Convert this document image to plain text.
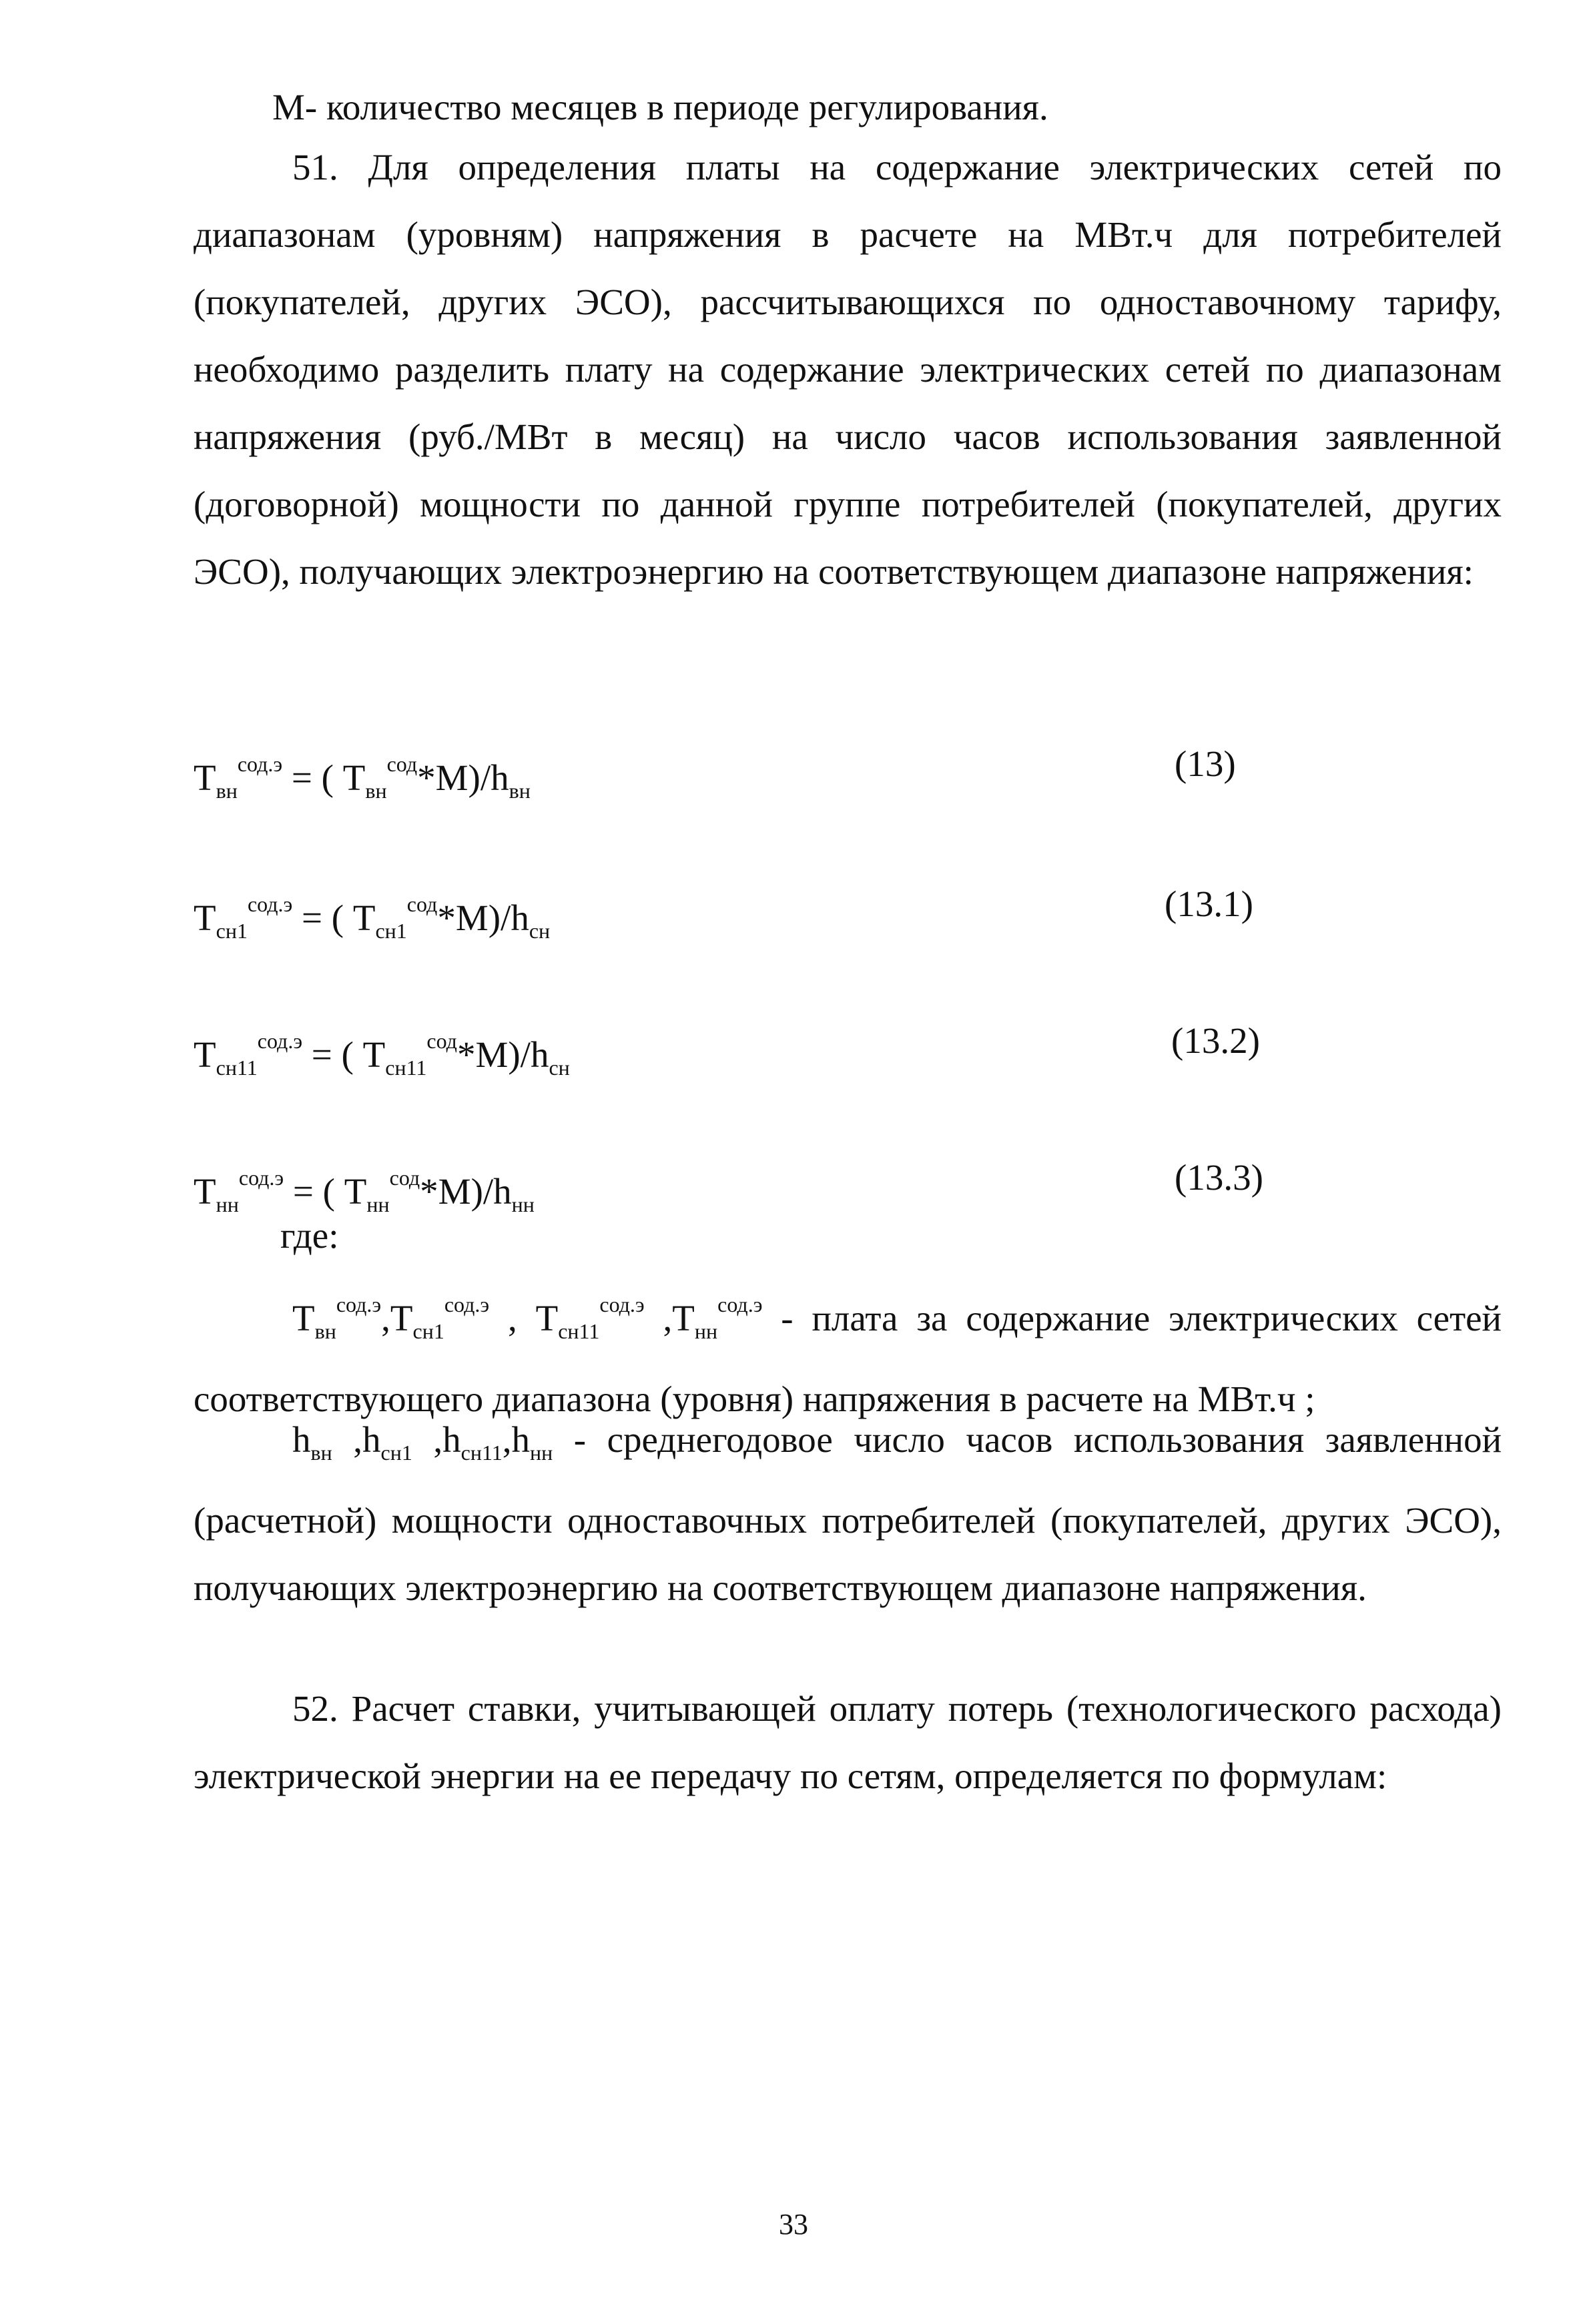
М- количество месяцев в периоде регулирования.

51. Для определения платы на содержание электрических сетей по диапазонам (уровням) напряжения в расчете на МВт.ч для потребителей (покупателей, других ЭСО), рассчитывающихся по одноставочному тарифу, необходимо разделить плату на содержание электрических сетей по диапазонам напряжения (руб./МВт в месяц) на число часов использования заявленной (договорной) мощности по данной группе потребителей (покупателей, других ЭСО), получающих электроэнергию на соответствующем диапазоне напряжения:

$Т_{вн}^{сод.э}$ = ( $Т_{вн}^{сод}*М)/h_{вн}$
(13)
$Т_{сн1}^{сод.э}$ = ( $Т_{сн1}^{сод}*М)/h_{сн}$
(13.1)
$Т_{сн11}^{сод.э}$ = ( $Т_{сн11}^{сод}*М)/h_{сн}$
(13.2)
$Т_{нн}^{сод.э}$ = ( $Т_{нн}^{сод}*М)/h_{нн}$
(13.3)
где:

$Т_{вн}^{сод.э},Т_{сн1}^{сод.э}$ , $Т_{сн11}^{сод.э}$ $,Т_{нн}^{сод.э}$ - плата за содержание электрических сетей соответствующего диапазона (уровня) напряжения в расчете на МВт.ч ;

$h_{вн}$ $,h_{сн1}$ $,h_{сн11},h_{нн}$ - среднегодовое число часов использования заявленной (расчетной) мощности одноставочных потребителей (покупателей, других ЭСО), получающих электроэнергию на соответствующем диапазоне напряжения.

52. Расчет ставки, учитывающей оплату потерь (технологического расхода) электрической энергии на ее передачу по сетям, определяется по формулам:

33
